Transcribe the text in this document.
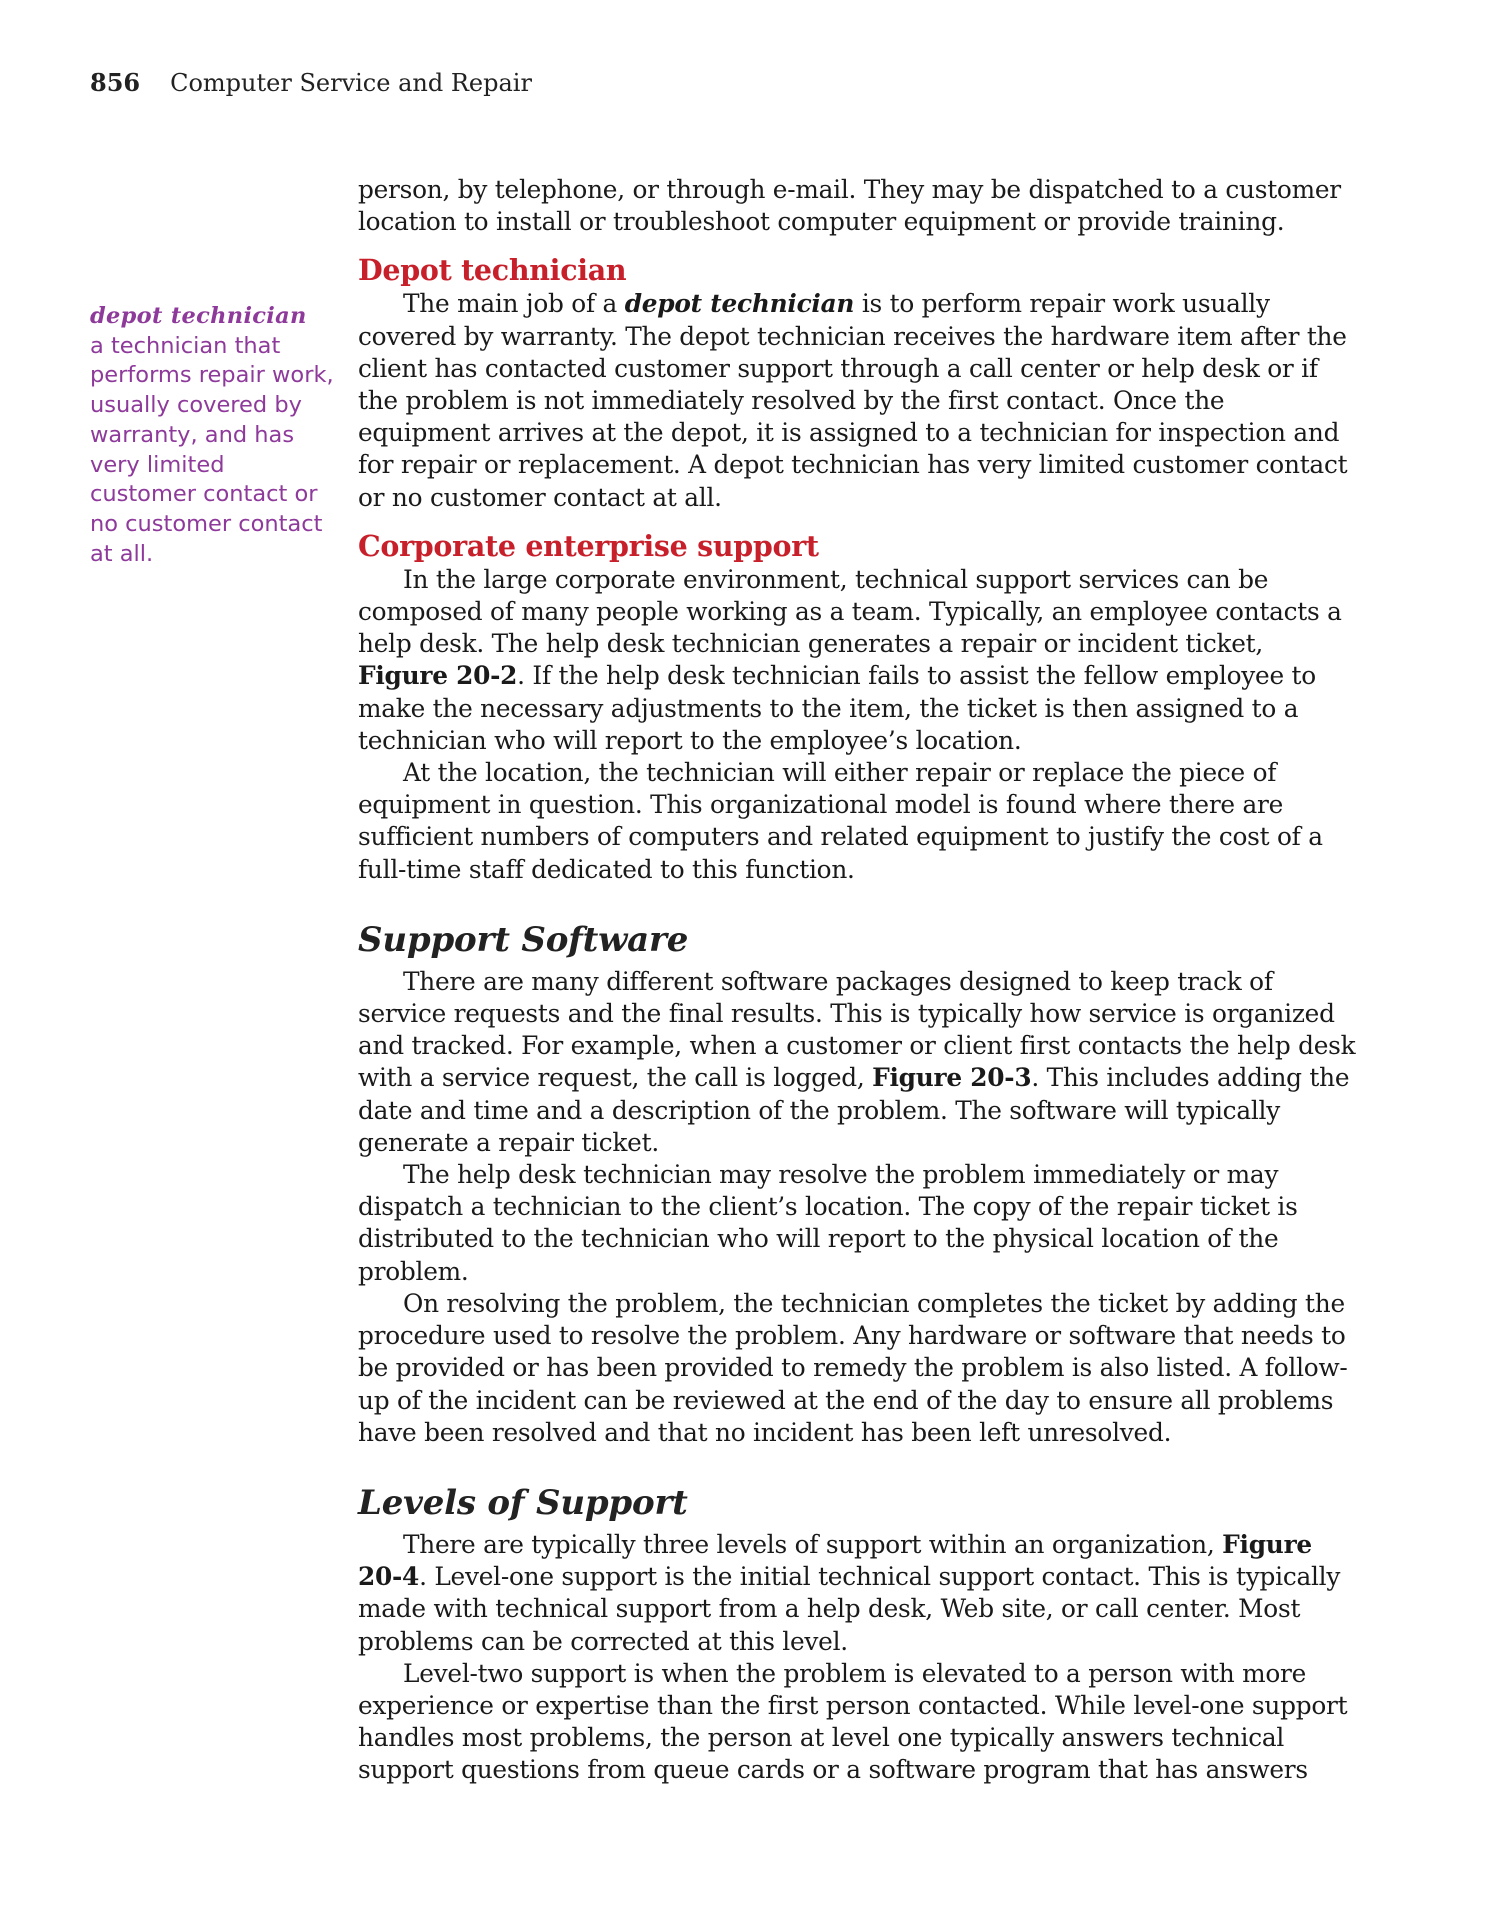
856 Computer Service and Repair
depot technician
a technician that performs repair work, usually covered by warranty, and has very limited customer contact or no customer contact at all.

person, by telephone, or through e-mail. They may be dispatched to a customer location to install or troubleshoot computer equipment or provide training.

Depot technician

The main job of a depot technician is to perform repair work usually covered by warranty. The depot technician receives the hardware item after the client has contacted customer support through a call center or help desk or if the problem is not immediately resolved by the first contact. Once the equipment arrives at the depot, it is assigned to a technician for inspection and for repair or replacement. A depot technician has very limited customer contact or no customer contact at all.

Corporate enterprise support

In the large corporate environment, technical support services can be composed of many people working as a team. Typically, an employee contacts a help desk. The help desk technician generates a repair or incident ticket, Figure 20-2. If the help desk technician fails to assist the fellow employee to make the necessary adjustments to the item, the ticket is then assigned to a technician who will report to the employee’s location.

At the location, the technician will either repair or replace the piece of equipment in question. This organizational model is found where there are sufficient numbers of computers and related equipment to justify the cost of a full-time staff dedicated to this function.

Support Software

There are many different software packages designed to keep track of service requests and the final results. This is typically how service is organized and tracked. For example, when a customer or client first contacts the help desk with a service request, the call is logged, Figure 20-3. This includes adding the date and time and a description of the problem. The software will typically generate a repair ticket.

The help desk technician may resolve the problem immediately or may dispatch a technician to the client’s location. The copy of the repair ticket is distributed to the technician who will report to the physical location of the problem.

On resolving the problem, the technician completes the ticket by adding the procedure used to resolve the problem. Any hardware or software that needs to be provided or has been provided to remedy the problem is also listed. A follow-up of the incident can be reviewed at the end of the day to ensure all problems have been resolved and that no incident has been left unresolved.

Levels of Support

There are typically three levels of support within an organization, Figure 20-4. Level-one support is the initial technical support contact. This is typically made with technical support from a help desk, Web site, or call center. Most problems can be corrected at this level.

Level-two support is when the problem is elevated to a person with more experience or expertise than the first person contacted. While level-one support handles most problems, the person at level one typically answers technical support questions from queue cards or a software program that has answers
